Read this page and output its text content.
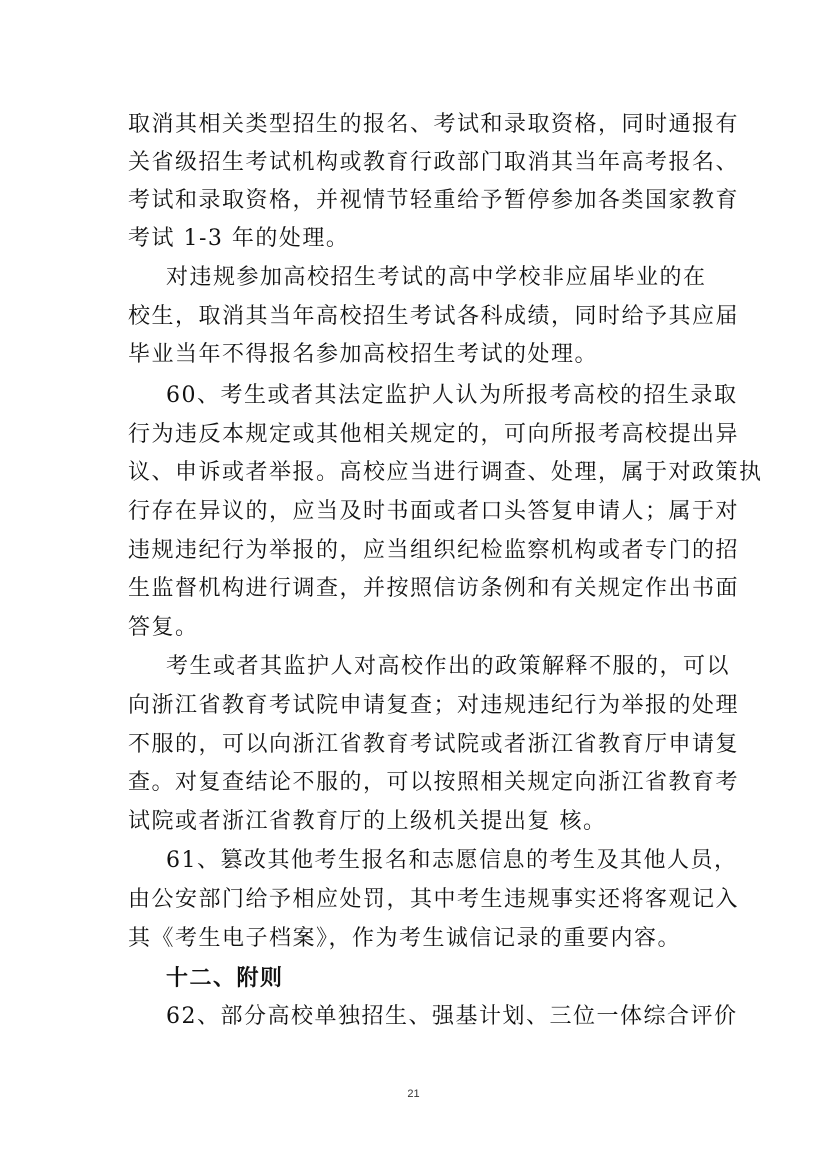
取消其相关类型招生的报名、考试和录取资格，同时通报有
关省级招生考试机构或教育行政部门取消其当年高考报名、
考试和录取资格，并视情节轻重给予暂停参加各类国家教育
考试 1-3 年的处理。
对违规参加高校招生考试的高中学校非应届毕业的在
校生，取消其当年高校招生考试各科成绩，同时给予其应届
毕业当年不得报名参加高校招生考试的处理。
60、考生或者其法定监护人认为所报考高校的招生录取
行为违反本规定或其他相关规定的，可向所报考高校提出异
议、申诉或者举报。高校应当进行调查、处理，属于对政策执
行存在异议的，应当及时书面或者口头答复申请人；属于对
违规违纪行为举报的，应当组织纪检监察机构或者专门的招
生监督机构进行调查，并按照信访条例和有关规定作出书面
答复。
考生或者其监护人对高校作出的政策解释不服的，可以
向浙江省教育考试院申请复查；对违规违纪行为举报的处理
不服的，可以向浙江省教育考试院或者浙江省教育厅申请复
查。对复查结论不服的，可以按照相关规定向浙江省教育考
试院或者浙江省教育厅的上级机关提出复 核。
61、篡改其他考生报名和志愿信息的考生及其他人员，
由公安部门给予相应处罚，其中考生违规事实还将客观记入
其《考生电子档案》，作为考生诚信记录的重要内容。
十二、附则
62、部分高校单独招生、强基计划、三位一体综合评价
21
